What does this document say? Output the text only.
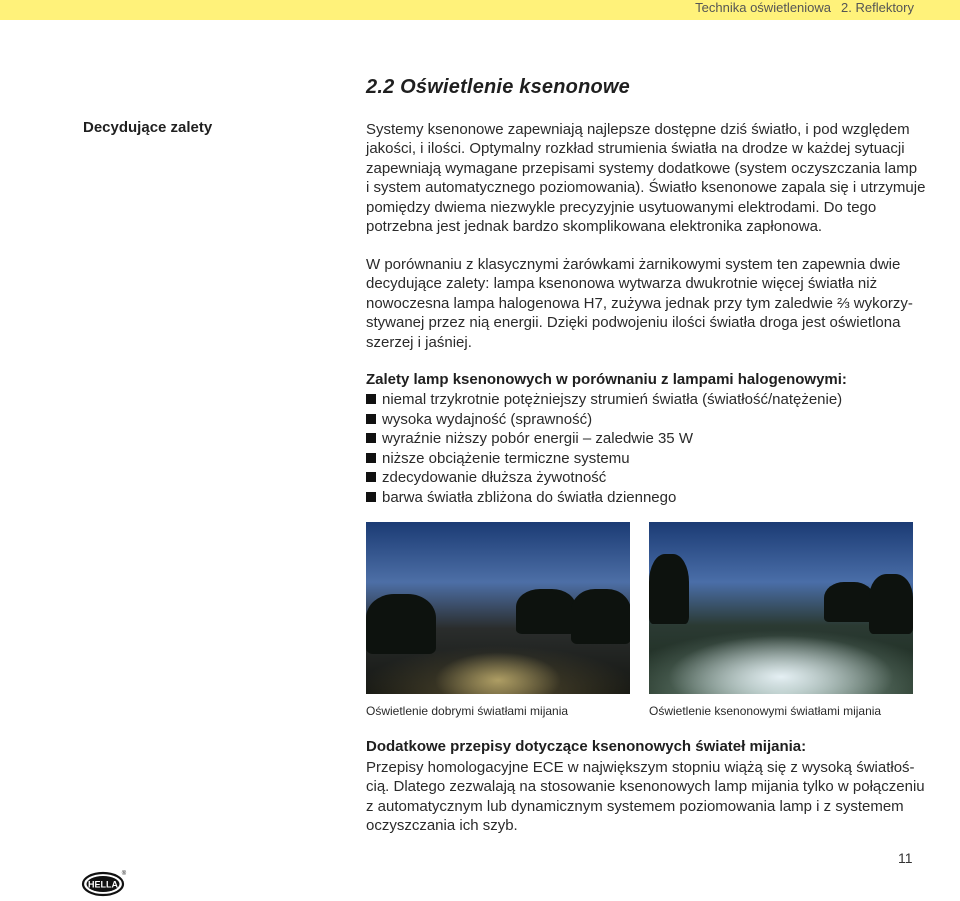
Technika oświetleniowa 2. Reflektory
2.2 Oświetlenie ksenonowe
Decydujące zalety	Systemy ksenonowe zapewniają najlepsze dostępne dziś światło, i pod względem
jakości, i ilości. Optymalny rozkład strumienia światła na drodze w każdej sytuacji
zapewniają wymagane przepisami systemy dodatkowe (system oczyszczania lamp
i system automatycznego poziomowania). Światło ksenonowe zapala się i utrzymuje
pomiędzy dwiema niezwykle precyzyjnie usytuowanymi elektrodami. Do tego
potrzebna jest jednak bardzo skomplikowana elektronika zapłonowa.

W porównaniu z klasycznymi żarówkami żarnikowymi system ten zapewnia dwie
decydujące zalety: lampa ksenonowa wytwarza dwukrotnie więcej światła niż
nowoczesna lampa halogenowa H7, zużywa jednak przy tym zaledwie ⅔ wykorzy-
stywanej przez nią energii. Dzięki podwojeniu ilości światła droga jest oświetlona
szerzej i jaśniej.

Zalety lamp ksenonowych w porównaniu z lampami halogenowymi:
niemal trzykrotnie potężniejszy strumień światła (światłość/natężenie)
wysoka wydajność (sprawność)
wyraźnie niższy pobór energii – zaledwie 35 W
niższe obciążenie termiczne systemu
zdecydowanie dłuższa żywotność
barwa światła zbliżona do światła dziennego
Oświetlenie dobrymi światłami mijania	Oświetlenie ksenonowymi światłami mijania
Dodatkowe przepisy dotyczące ksenonowych świateł mijania:

Przepisy homologacyjne ECE w największym stopniu wiążą się z wysoką światłoś-
cią. Dlatego zezwalają na stosowanie ksenonowych lamp mijania tylko w połączeniu
z automatycznym lub dynamicznym systemem poziomowania lamp i z systemem
oczyszczania ich szyb.

11
HELLA
®
